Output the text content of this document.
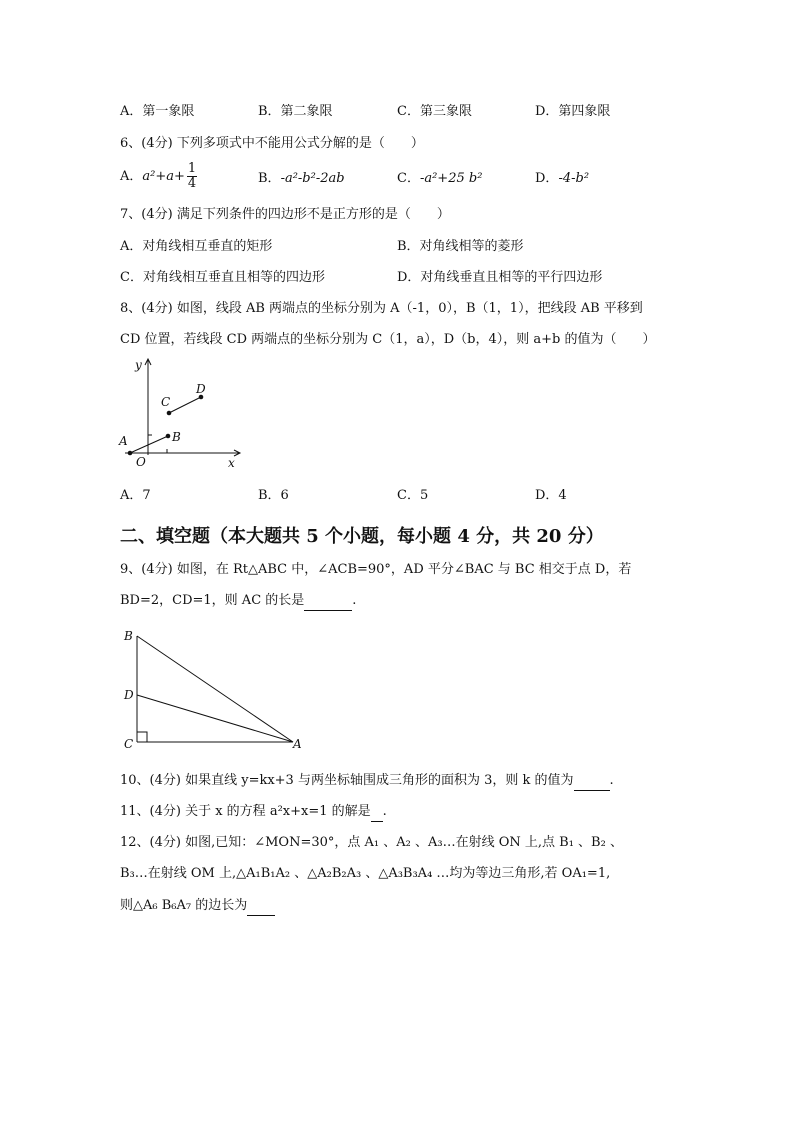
A．第一象限	B．第二象限	C．第三象限	D．第四象限
6、(4分) 下列多项式中不能用公式分解的是（　　）
A．$a^2+a+ \frac{1}{4}$	B．-a²-b²-2ab	C．-a²+25 b²	D．-4-b²
7、(4分) 满足下列条件的四边形不是正方形的是（　　）
A．对角线相互垂直的矩形	B．对角线相等的菱形
C．对角线相互垂直且相等的四边形	D．对角线垂直且相等的平行四边形
8、(4分) 如图，线段 AB 两端点的坐标分别为 A（-1，0），B（1，1），把线段 AB 平移到
CD 位置，若线段 CD 两端点的坐标分别为 C（1，a），D（b，4），则 a+b 的值为（　　）
y
x
O
A	B
C
D
A．7	B．6	C．5	D．4
二、填空题（本大题共 5 个小题，每小题 4 分，共 20 分）
9、(4分) 如图，在 Rt△ABC 中，∠ACB=90°，AD 平分∠BAC 与 BC 相交于点 D，若
BD=2，CD=1，则 AC 的长是	.
B
D
C	A
10、(4分) 如果直线 y=kx+3 与两坐标轴围成三角形的面积为 3，则 k 的值为	.
11、(4分) 关于 x 的方程 a²x+x=1 的解是 .
12、(4分) 如图,已知：∠MON=30°，点 A₁ 、A₂ 、A₃…在射线 ON 上,点 B₁ 、B₂ 、
B₃…在射线 OM 上,△A₁B₁A₂ 、△A₂B₂A₃ 、△A₃B₃A₄ …均为等边三角形,若 OA₁=1,
则△A₆ B₆A₇ 的边长为
